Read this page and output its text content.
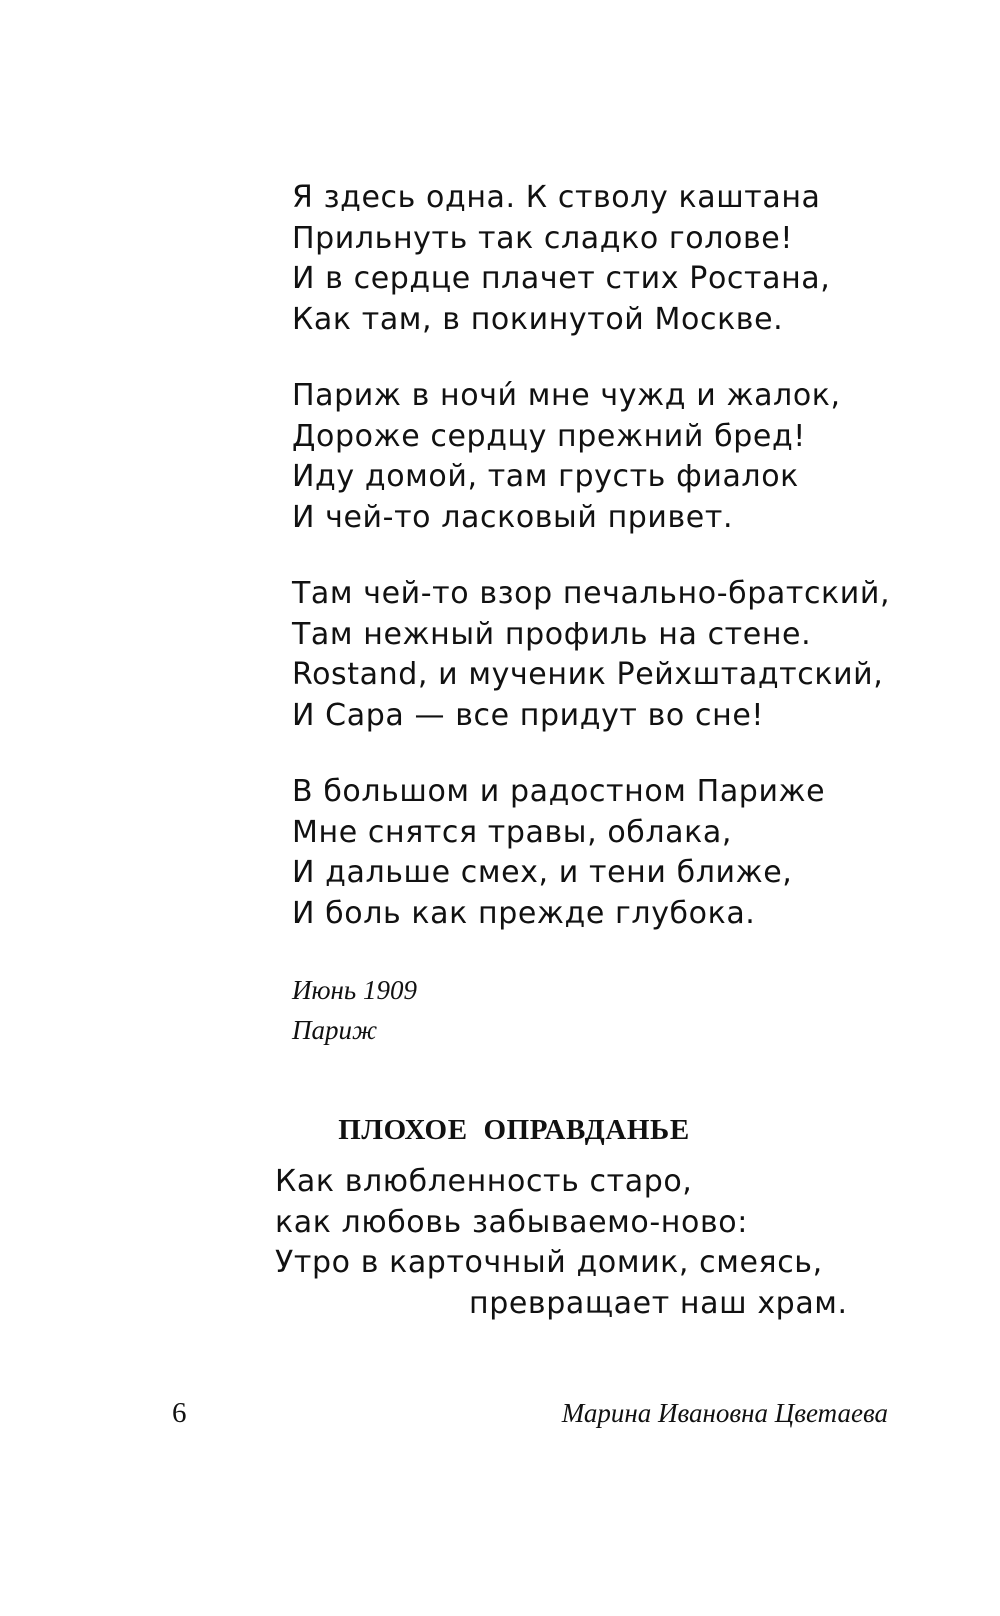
Я здесь одна. К стволу каштана
Прильнуть так сладко голове!
И в сердце плачет стих Ростана,
Как там, в покинутой Москве.
Париж в ночи́ мне чужд и жалок,
Дороже сердцу прежний бред!
Иду домой, там грусть фиалок
И чей-то ласковый привет.
Там чей-то взор печально-братский,
Там нежный профиль на стене.
Rostand, и мученик Рейхштадтский,
И Сара — все придут во сне!
В большом и радостном Париже
Мне снятся травы, облака,
И дальше смех, и тени ближе,
И боль как прежде глубока.
Июнь 1909
Париж
ПЛОХОЕ ОПРАВДАНЬЕ
Как влюбленность старо,
как любовь забываемо-ново:
Утро в карточный домик, смеясь,
превращает наш храм.
6	Марина Ивановна Цветаева
